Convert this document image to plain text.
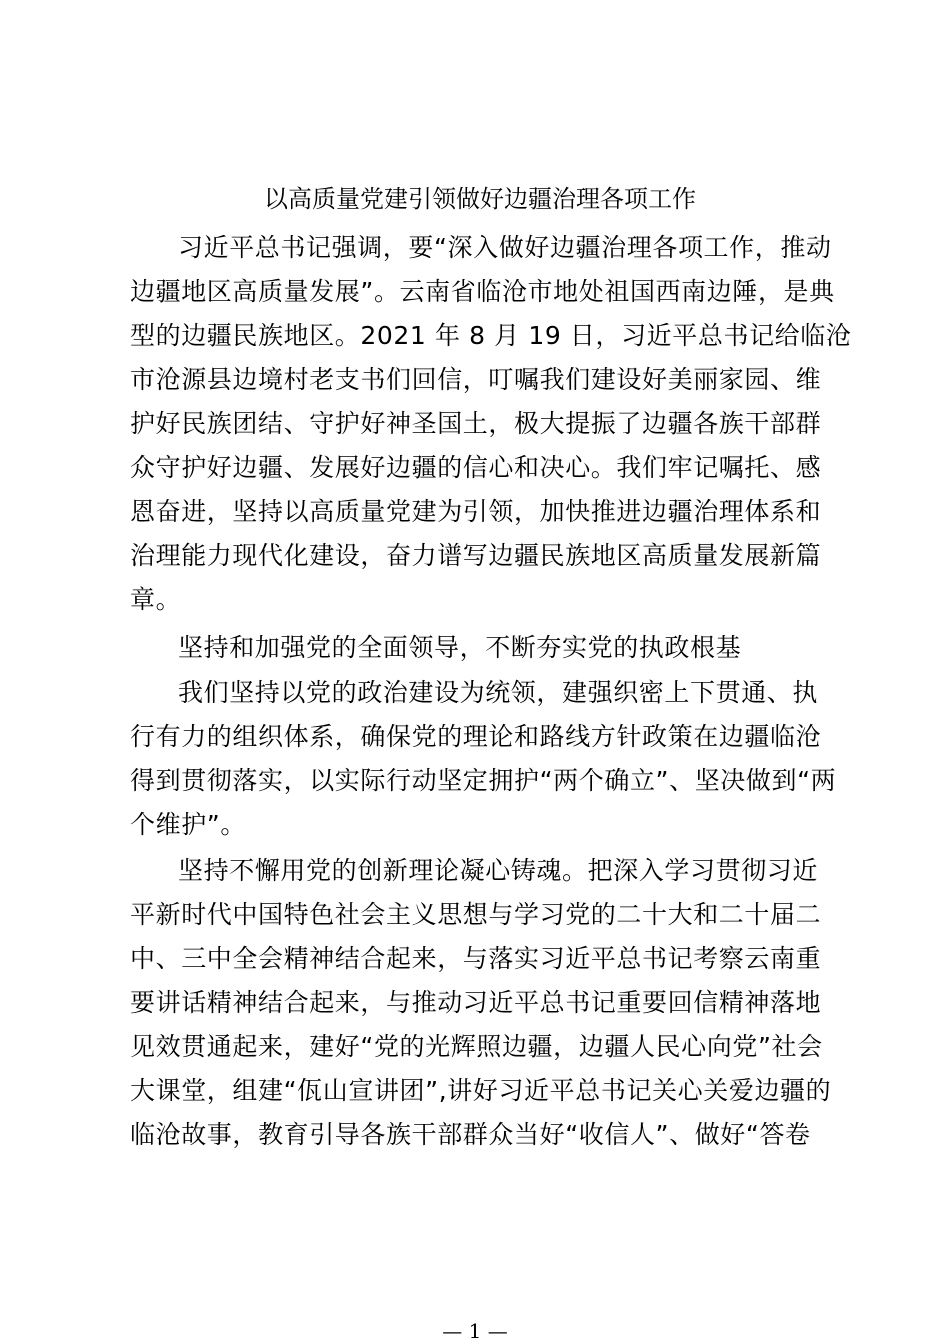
以高质量党建引领做好边疆治理各项工作
习近平总书记强调，要“深入做好边疆治理各项工作，推动
边疆地区高质量发展”。云南省临沧市地处祖国西南边陲，是典
型的边疆民族地区。2021 年 8 月 19 日，习近平总书记给临沧
市沧源县边境村老支书们回信，叮嘱我们建设好美丽家园、维
护好民族团结、守护好神圣国土，极大提振了边疆各族干部群
众守护好边疆、发展好边疆的信心和决心。我们牢记嘱托、感
恩奋进，坚持以高质量党建为引领，加快推进边疆治理体系和
治理能力现代化建设，奋力谱写边疆民族地区高质量发展新篇
章。
坚持和加强党的全面领导，不断夯实党的执政根基
我们坚持以党的政治建设为统领，建强织密上下贯通、执
行有力的组织体系，确保党的理论和路线方针政策在边疆临沧
得到贯彻落实，以实际行动坚定拥护“两个确立”、坚决做到“两
个维护”。
坚持不懈用党的创新理论凝心铸魂。把深入学习贯彻习近
平新时代中国特色社会主义思想与学习党的二十大和二十届二
中、三中全会精神结合起来，与落实习近平总书记考察云南重
要讲话精神结合起来，与推动习近平总书记重要回信精神落地
见效贯通起来，建好“党的光辉照边疆，边疆人民心向党”社会
大课堂，组建“佤山宣讲团”,讲好习近平总书记关心关爱边疆的
临沧故事，教育引导各族干部群众当好“收信人”、做好“答卷
— 1 —
